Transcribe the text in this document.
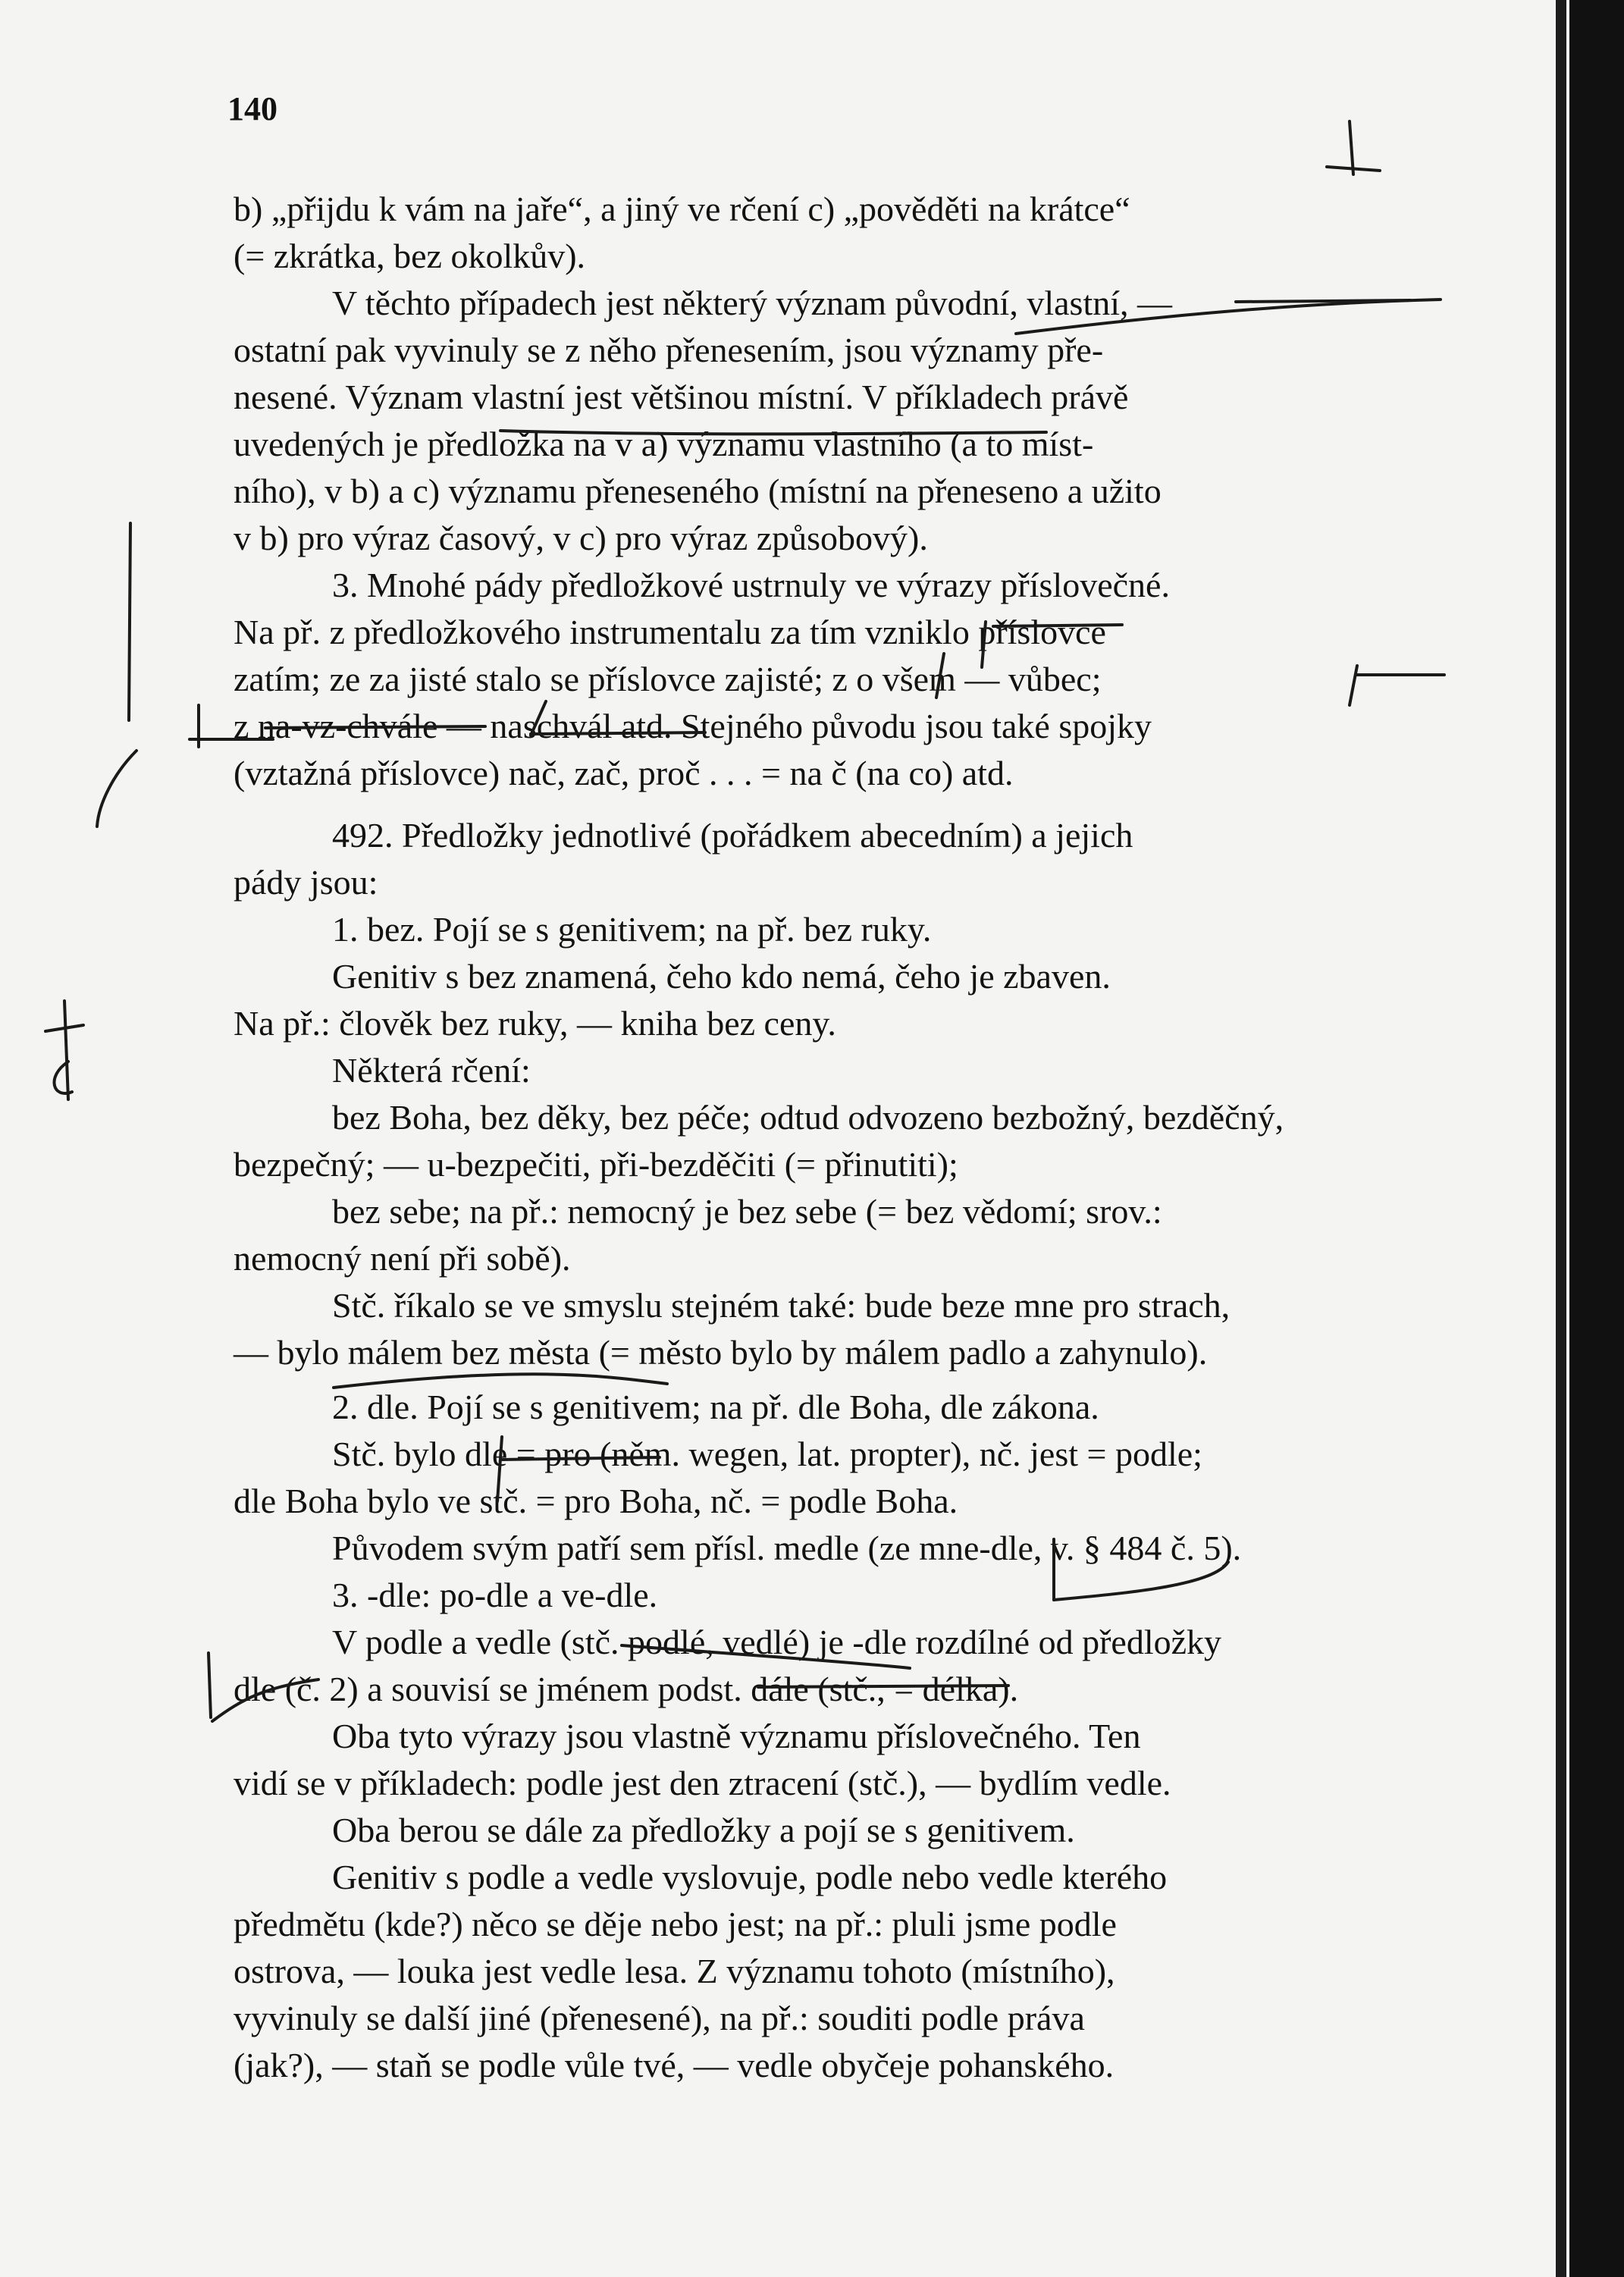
140
b) „přijdu k vám na jaře“, a jiný ve rčení c) „pověděti na krátce“
(= zkrátka, bez okolkův).
V těchto případech jest některý význam původní, vlastní, —
ostatní pak vyvinuly se z něho přenesením, jsou významy pře-
nesené. Význam vlastní jest většinou místní. V příkladech právě
uvedených je předložka na v a) významu vlastního (a to míst-
ního), v b) a c) významu přeneseného (místní na přeneseno a užito
v b) pro výraz časový, v c) pro výraz způsobový).
3. Mnohé pády předložkové ustrnuly ve výrazy příslovečné.
Na př. z předložkového instrumentalu za tím vzniklo příslovce
zatím; ze za jisté stalo se příslovce zajisté; z o všem — vůbec;
z na-vz-chvále — naschvál atd. Stejného původu jsou také spojky
(vztažná příslovce) nač, zač, proč . . . = na č (na co) atd.
492. Předložky jednotlivé (pořádkem abecedním) a jejich
pády jsou:
1. bez. Pojí se s genitivem; na př. bez ruky.
Genitiv s bez znamená, čeho kdo nemá, čeho je zbaven.
Na př.: člověk bez ruky, — kniha bez ceny.
Některá rčení:
bez Boha, bez děky, bez péče; odtud odvozeno bezbožný, bezděčný,
bezpečný; — u-bezpečiti, při-bezděčiti (= přinutiti);
bez sebe; na př.: nemocný je bez sebe (= bez vědomí; srov.:
nemocný není při sobě).
Stč. říkalo se ve smyslu stejném také: bude beze mne pro strach,
— bylo málem bez města (= město bylo by málem padlo a zahynulo).
2. dle. Pojí se s genitivem; na př. dle Boha, dle zákona.
Stč. bylo dle = pro (něm. wegen, lat. propter), nč. jest = podle;
dle Boha bylo ve stč. = pro Boha, nč. = podle Boha.
Původem svým patří sem přísl. medle (ze mne-dle, v. § 484 č. 5).
3. -dle: po-dle a ve-dle.
V podle a vedle (stč. podlé, vedlé) je -dle rozdílné od předložky
dle (č. 2) a souvisí se jménem podst. dále (stč., = délka).
Oba tyto výrazy jsou vlastně významu příslovečného. Ten
vidí se v příkladech: podle jest den ztracení (stč.), — bydlím vedle.
Oba berou se dále za předložky a pojí se s genitivem.
Genitiv s podle a vedle vyslovuje, podle nebo vedle kterého
předmětu (kde?) něco se děje nebo jest; na př.: pluli jsme podle
ostrova, — louka jest vedle lesa. Z významu tohoto (místního),
vyvinuly se další jiné (přenesené), na př.: souditi podle práva
(jak?), — staň se podle vůle tvé, — vedle obyčeje pohanského.
